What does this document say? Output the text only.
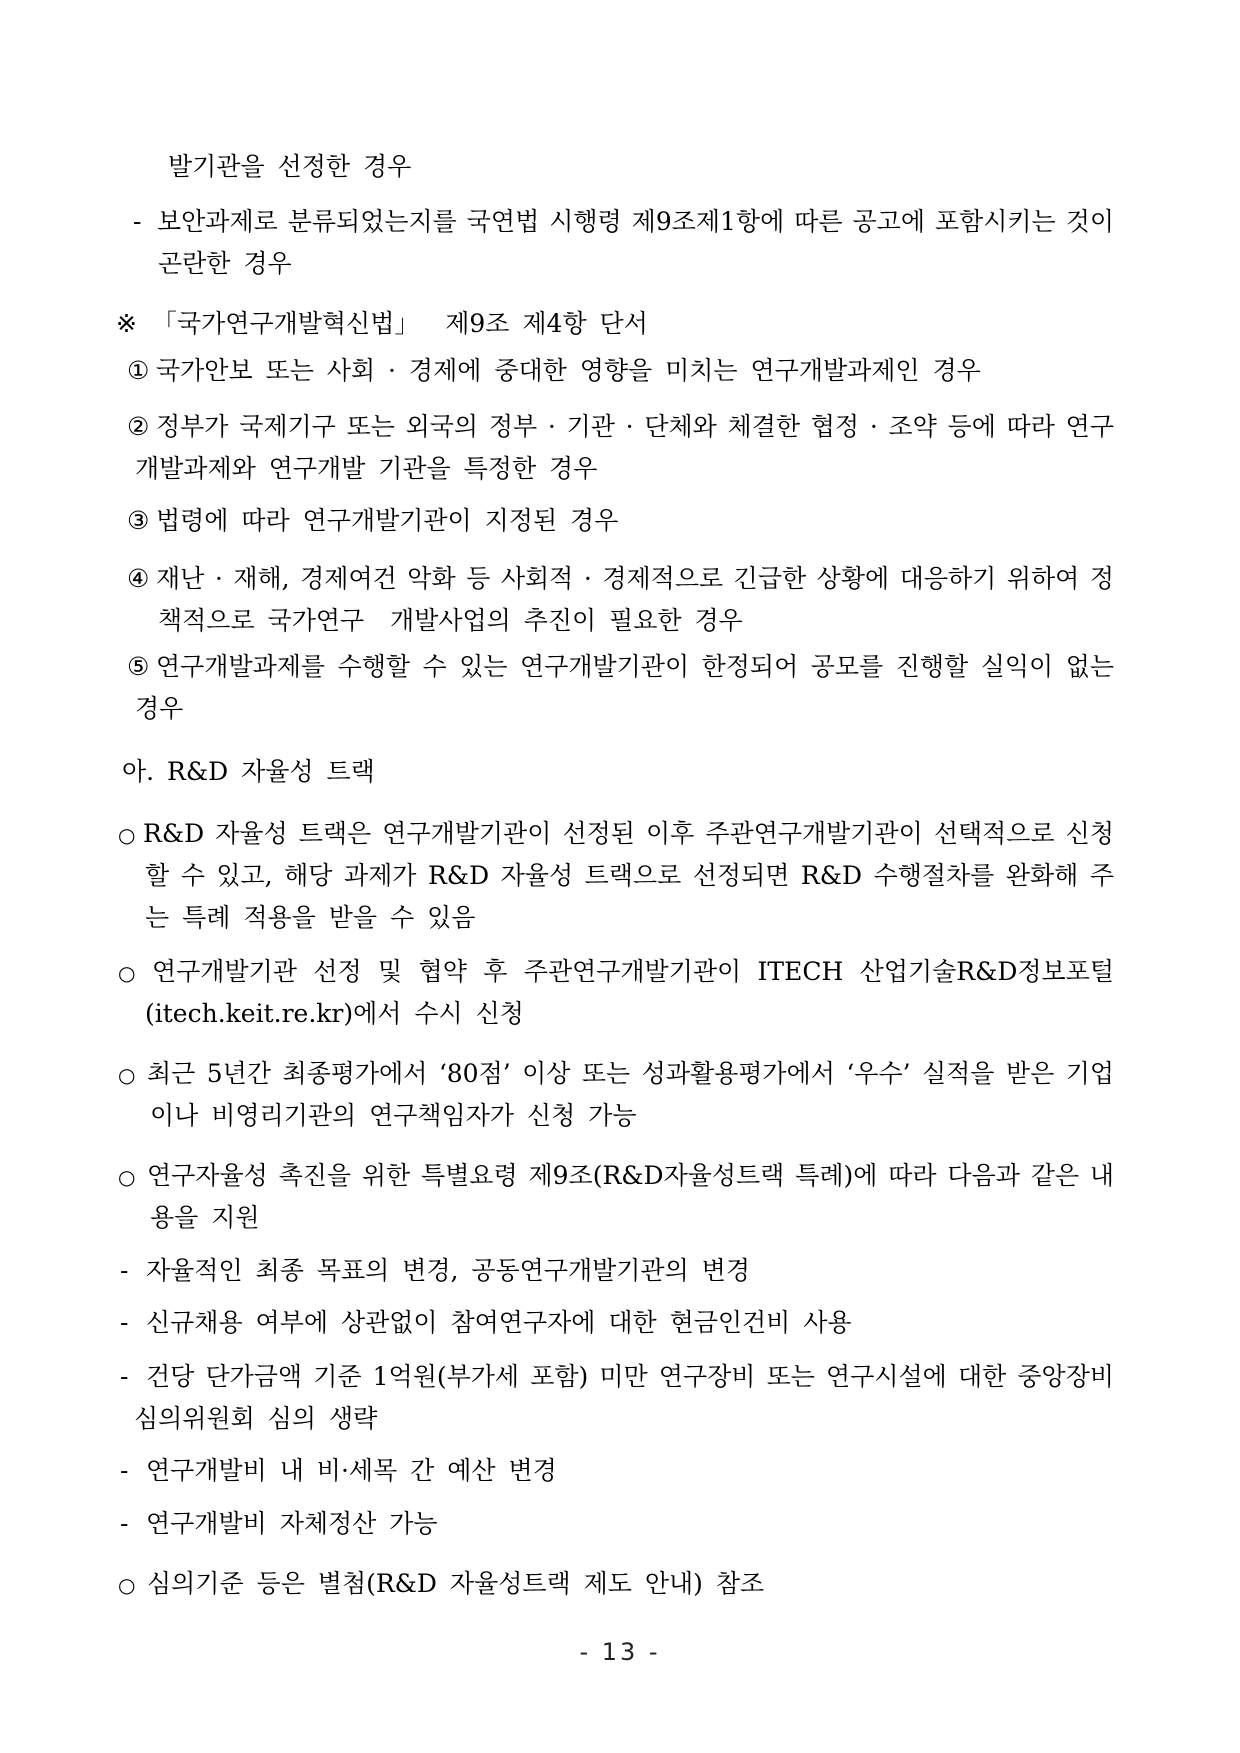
- 13 -
발기관을 선정한 경우
- 보안과제로 분류되었는지를 국연법 시행령 제9조제1항에 따른 공고에 포함시키는 것이
곤란한 경우
※ 「국가연구개발혁신법」  제9조 제4항 단서
① 국가안보 또는 사회 · 경제에 중대한 영향을 미치는 연구개발과제인 경우
② 정부가 국제기구 또는 외국의 정부 · 기관 · 단체와 체결한 협정 · 조약 등에 따라 연구
개발과제와 연구개발 기관을 특정한 경우
③ 법령에 따라 연구개발기관이 지정된 경우
④ 재난 · 재해, 경제여건 악화 등 사회적 · 경제적으로 긴급한 상황에 대응하기 위하여 정
책적으로 국가연구  개발사업의 추진이 필요한 경우
⑤ 연구개발과제를 수행할 수 있는 연구개발기관이 한정되어 공모를 진행할 실익이 없는
경우
아. R&D 자율성 트랙
○ R&D 자율성 트랙은 연구개발기관이 선정된 이후 주관연구개발기관이 선택적으로 신청
할 수 있고, 해당 과제가 R&D 자율성 트랙으로 선정되면 R&D 수행절차를 완화해 주
는 특례 적용을 받을 수 있음
○ 연구개발기관 선정 및 협약 후 주관연구개발기관이 ITECH 산업기술R&D정보포털
(itech.keit.re.kr)에서 수시 신청
○ 최근 5년간 최종평가에서 ‘80점’ 이상 또는 성과활용평가에서 ‘우수’ 실적을 받은 기업
이나 비영리기관의 연구책임자가 신청 가능
○ 연구자율성 촉진을 위한 특별요령 제9조(R&D자율성트랙 특례)에 따라 다음과 같은 내
용을 지원
- 자율적인 최종 목표의 변경, 공동연구개발기관의 변경
- 신규채용 여부에 상관없이 참여연구자에 대한 현금인건비 사용
- 건당 단가금액 기준 1억원(부가세 포함) 미만 연구장비 또는 연구시설에 대한 중앙장비
심의위원회 심의 생략
- 연구개발비 내 비·세목 간 예산 변경
- 연구개발비 자체정산 가능
○ 심의기준 등은 별첨(R&D 자율성트랙 제도 안내) 참조
